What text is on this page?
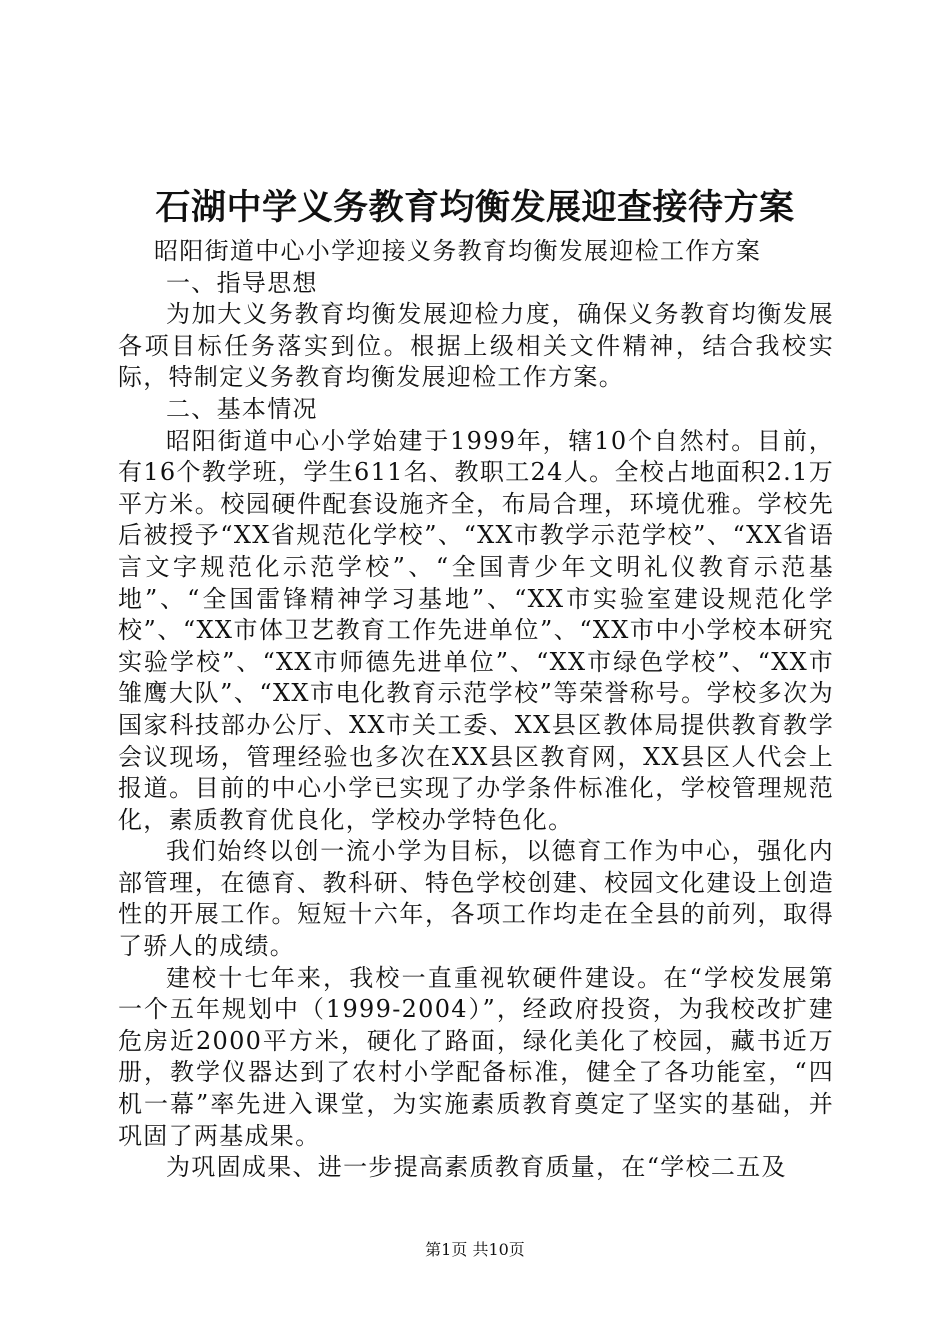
石湖中学义务教育均衡发展迎查接待方案

昭阳街道中心小学迎接义务教育均衡发展迎检工作方案

一、指导思想

为加大义务教育均衡发展迎检力度，确保义务教育均衡发展各项目标任务落实到位。根据上级相关文件精神，结合我校实际，特制定义务教育均衡发展迎检工作方案。

二、基本情况

昭阳街道中心小学始建于1999年，辖10个自然村。目前，有16个教学班，学生611名、教职工24人。全校占地面积2.1万平方米。校园硬件配套设施齐全，布局合理，环境优雅。学校先后被授予“XX省规范化学校”、“XX市教学示范学校”、“XX省语言文字规范化示范学校”、“全国青少年文明礼仪教育示范基地”、“全国雷锋精神学习基地”、“XX市实验室建设规范化学校”、“XX市体卫艺教育工作先进单位”、“XX市中小学校本研究实验学校”、“XX市师德先进单位”、“XX市绿色学校”、“XX市雏鹰大队”、“XX市电化教育示范学校”等荣誉称号。学校多次为国家科技部办公厅、XX市关工委、XX县区教体局提供教育教学会议现场，管理经验也多次在XX县区教育网，XX县区人代会上报道。目前的中心小学已实现了办学条件标准化，学校管理规范化，素质教育优良化，学校办学特色化。

我们始终以创一流小学为目标，以德育工作为中心，强化内部管理，在德育、教科研、特色学校创建、校园文化建设上创造性的开展工作。短短十六年，各项工作均走在全县的前列，取得了骄人的成绩。

建校十七年来，我校一直重视软硬件建设。在“学校发展第一个五年规划中（1999-2004）”，经政府投资，为我校改扩建危房近2000平方米，硬化了路面，绿化美化了校园，藏书近万册，教学仪器达到了农村小学配备标准，健全了各功能室，“四机一幕”率先进入课堂，为实施素质教育奠定了坚实的基础，并巩固了两基成果。

为巩固成果、进一步提高素质教育质量，在“学校二五及

第1页 共10页
